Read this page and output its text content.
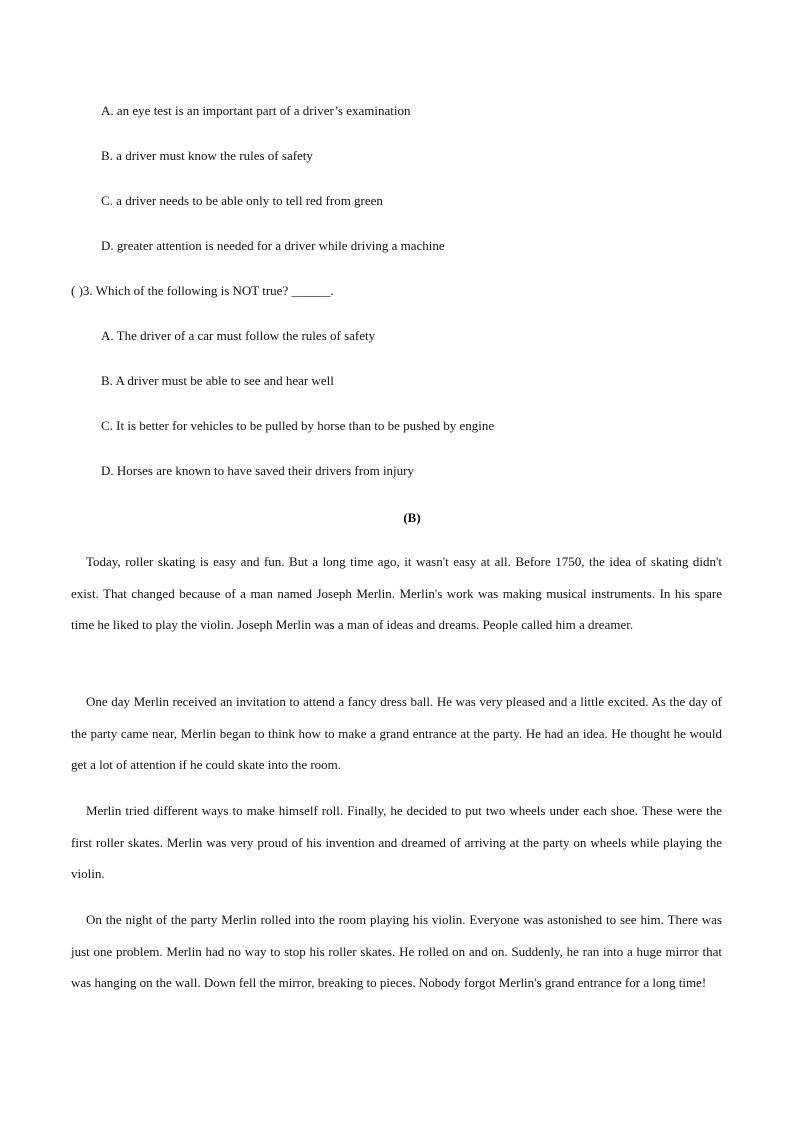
A. an eye test is an important part of a driver’s examination
B. a driver must know the rules of safety
C. a driver needs to be able only to tell red from green
D. greater attention is needed for a driver while driving a machine
( )3. Which of the following is NOT true? ______.
A. The driver of a car must follow the rules of safety
B. A driver must be able to see and hear well
C. It is better for vehicles to be pulled by horse than to be pushed by engine
D. Horses are known to have saved their drivers from injury
(B)

Today, roller skating is easy and fun. But a long time ago, it wasn't easy at all. Before 1750, the idea of skating didn't exist. That changed because of a man named Joseph Merlin. Merlin's work was making musical instruments. In his spare time he liked to play the violin. Joseph Merlin was a man of ideas and dreams. People called him a dreamer.

One day Merlin received an invitation to attend a fancy dress ball. He was very pleased and a little excited. As the day of the party came near, Merlin began to think how to make a grand entrance at the party. He had an idea. He thought he would get a lot of attention if he could skate into the room.

Merlin tried different ways to make himself roll. Finally, he decided to put two wheels under each shoe. These were the first roller skates. Merlin was very proud of his invention and dreamed of arriving at the party on wheels while playing the violin.

On the night of the party Merlin rolled into the room playing his violin. Everyone was astonished to see him. There was just one problem. Merlin had no way to stop his roller skates. He rolled on and on. Suddenly, he ran into a huge mirror that was hanging on the wall. Down fell the mirror, breaking to pieces. Nobody forgot Merlin's grand entrance for a long time!
